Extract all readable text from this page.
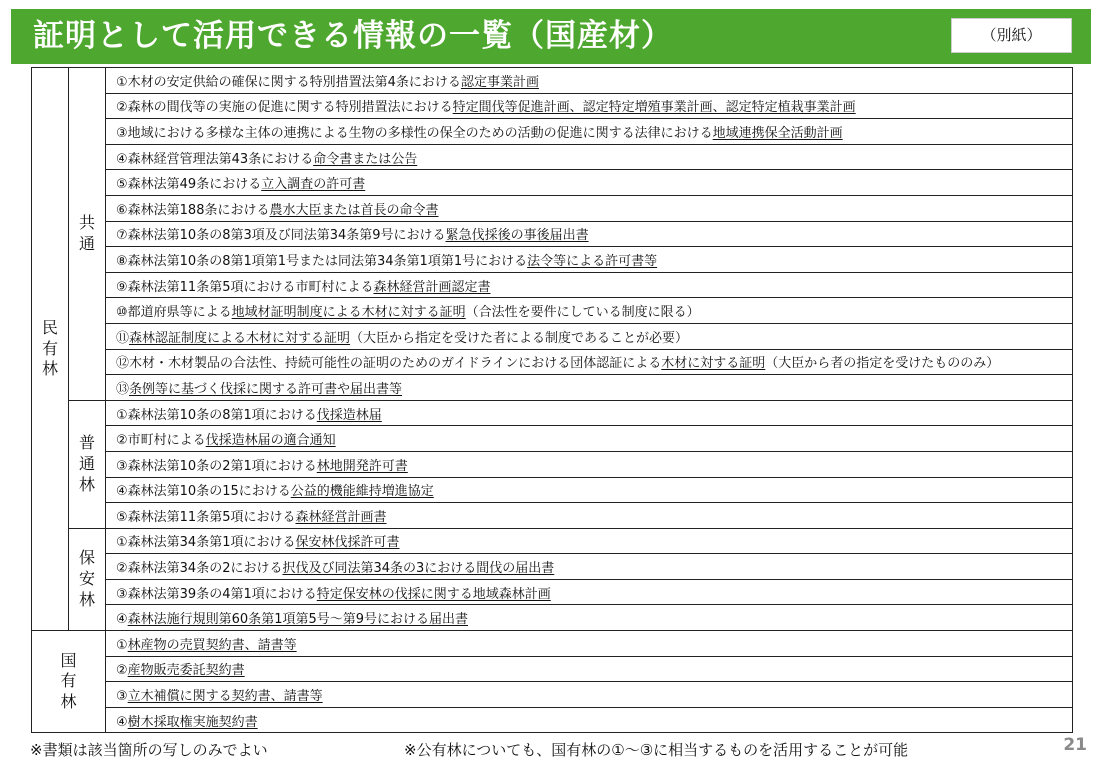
証明として活用できる情報の一覧（国産材）	（別紙）
民有林	共通	①木材の安定供給の確保に関する特別措置法第4条における認定事業計画
		②森林の間伐等の実施の促進に関する特別措置法における特定間伐等促進計画、認定特定増殖事業計画、認定特定植栽事業計画
		③地域における多様な主体の連携による生物の多様性の保全のための活動の促進に関する法律における地域連携保全活動計画
		④森林経営管理法第43条における命令書または公告
		⑤森林法第49条における立入調査の許可書
		⑥森林法第188条における農水大臣または首長の命令書
		⑦森林法第10条の8第3項及び同法第34条第9号における緊急伐採後の事後届出書
		⑧森林法第10条の8第1項第1号または同法第34条第1項第1号における法令等による許可書等
		⑨森林法第11条第5項における市町村による森林経営計画認定書
		⑩都道府県等による地域材証明制度による木材に対する証明（合法性を要件にしている制度に限る）
		⑪森林認証制度による木材に対する証明（大臣から指定を受けた者による制度であることが必要）
		⑫木材・木材製品の合法性、持続可能性の証明のためのガイドラインにおける団体認証による木材に対する証明（大臣から者の指定を受けたもののみ）
		⑬条例等に基づく伐採に関する許可書や届出書等
	普通林	①森林法第10条の8第1項における伐採造林届
		②市町村による伐採造林届の適合通知
		③森林法第10条の2第1項における林地開発許可書
		④森林法第10条の15における公益的機能維持増進協定
		⑤森林法第11条第5項における森林経営計画書
	保安林	①森林法第34条第1項における保安林伐採許可書
		②森林法第34条の2における択伐及び同法第34条の3における間伐の届出書
		③森林法第39条の4第1項における特定保安林の伐採に関する地域森林計画
		④森林法施行規則第60条第1項第5号～第9号における届出書
国有林		①林産物の売買契約書、請書等
		②産物販売委託契約書
		③立木補償に関する契約書、請書等
		④樹木採取権実施契約書
※書類は該当箇所の写しのみでよい	※公有林についても、国有林の①～③に相当するものを活用することが可能	21
